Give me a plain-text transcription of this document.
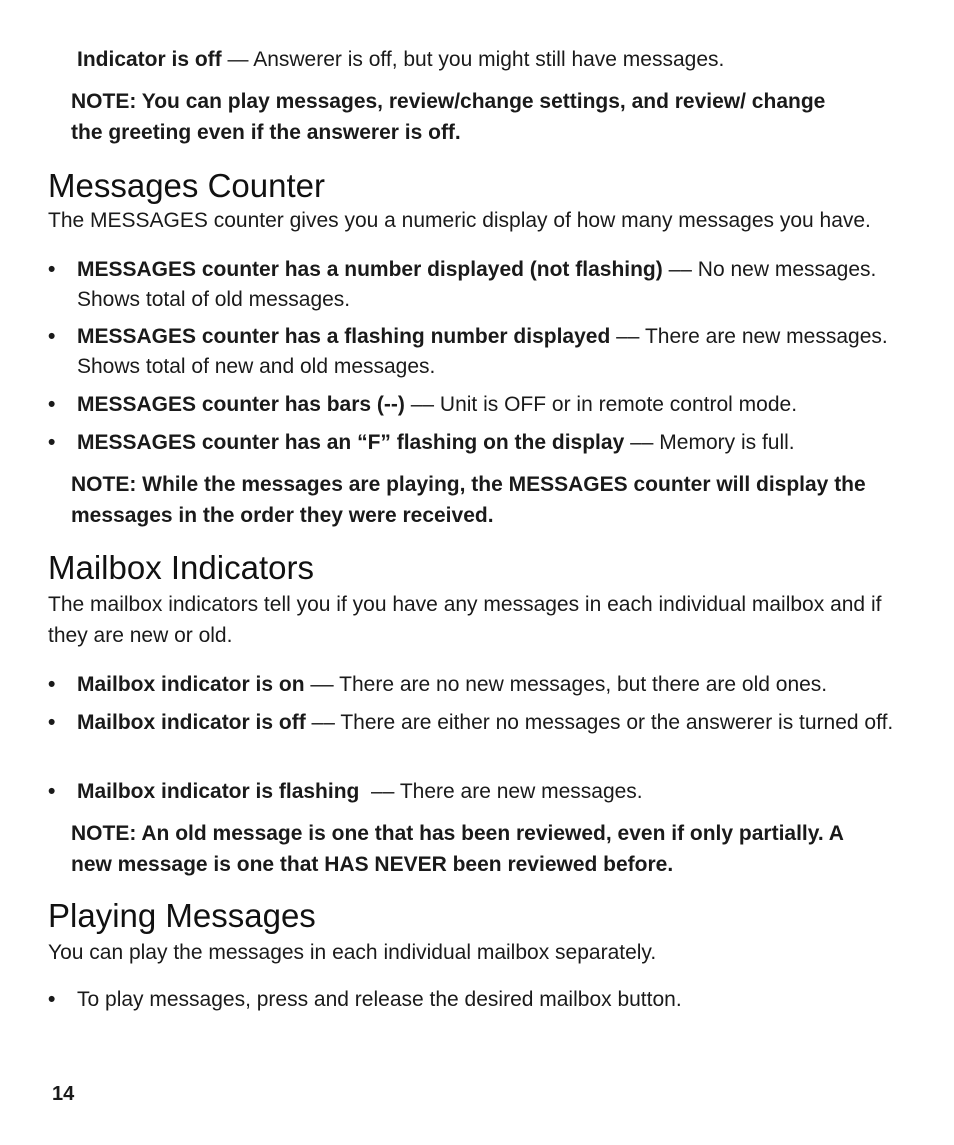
Indicator is off — Answerer is off, but you might still have messages.

NOTE: You can play messages, review/change settings, and review/ change the greeting even if the answerer is off.

Messages Counter

The MESSAGES counter gives you a numeric display of how many messages you have.

• MESSAGES counter has a number displayed (not flashing) –– No new messages. Shows total of old messages.
• MESSAGES counter has a flashing number displayed –– There are new messages. Shows total of new and old messages.
• MESSAGES counter has bars (--) –– Unit is OFF or in remote control mode.
• MESSAGES counter has an “F” flashing on the display –– Memory is full.

NOTE: While the messages are playing, the MESSAGES counter will display the messages in the order they were received.

Mailbox Indicators

The mailbox indicators tell you if you have any messages in each individual mailbox and if they are new or old.

• Mailbox indicator is on –– There are no new messages, but there are old ones.
• Mailbox indicator is off –– There are either no messages or the answerer is turned off.
• Mailbox indicator is flashing  –– There are new messages.

NOTE: An old message is one that has been reviewed, even if only partially. A new message is one that HAS NEVER been reviewed before.

Playing Messages

You can play the messages in each individual mailbox separately.

• To play messages, press and release the desired mailbox button.
14
